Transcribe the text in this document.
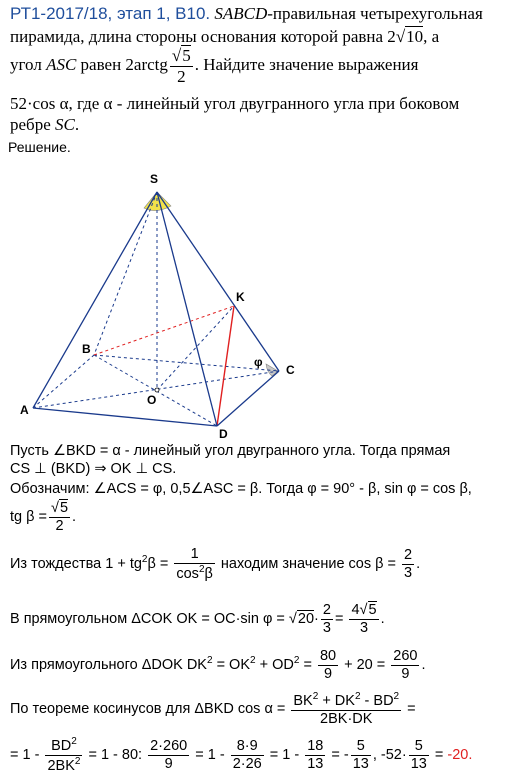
РТ1-2017/18, этап 1, В10. SABCD-правильная четырехугольная
пирамида, длина стороны основания которой равна 2√10, а
угол ASC равен 2arctg $\frac{√5}{2}$ . Найдите значение выражения
52·cos α, где α - линейный угол двугранного угла при боковом
ребре SC.
Решение.
S
A
B
C
D
K
O
φ
Пусть ∠BKD = α - линейный угол двугранного угла. Тогда прямая
CS ⊥ (BKD) ⇒ OK ⊥ CS.
Обозначим: ∠ACS = φ, 0,5∠ASC = β. Тогда φ = 90° - β, sin φ = cos β,
tg $\beta = \frac{√5}{2}$ .
Из тождества $1 + tg^2\beta = \frac{1}{\cos^2\beta}$ находим значение $\cos \beta = \frac{2}{3}$ .
В прямоугольном ΔCOK OK = OC·sin $\varphi = √20\cdot \frac{2}{3} = \frac{4√5}{3}$ .
Из прямоугольного ΔDOK $DK^2 = OK^2 + OD^2 = \frac{80}{9} + 20 = \frac{260}{9}$ .
По теореме косинусов для ΔBKD $\cos \alpha = \frac{BK^2 + DK^2 - BD^2}{2BK\cdot DK}$ =
= $1 - \frac{BD^2}{2BK^2} = 1 - 80$: $\frac{2\cdot 260}{9} = 1 - \frac{8\cdot 9}{2\cdot 26} = 1 - \frac{18}{13}$ = - $\frac{5}{13}$ , $-52\cdot \frac{5}{13} = -20$.
